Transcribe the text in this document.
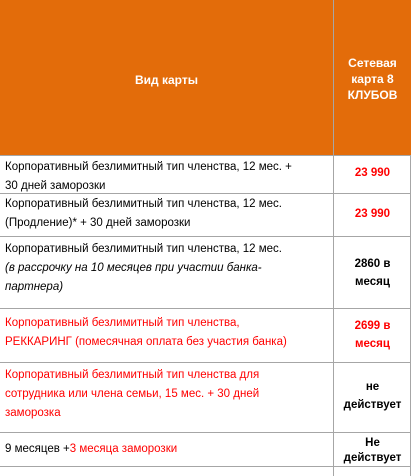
Вид карты
Сетевая карта 8 КЛУБОВ
Корпоративный безлимитный тип членства, 12 мес. +
30 дней заморозки
23 990
Корпоративный безлимитный тип членства, 12 мес.
(Продление)* + 30 дней заморозки
23 990
Корпоративный безлимитный тип членства, 12 мес.
(в рассрочку на 10 месяцев при участии банка-
партнера)
2860 в
месяц
Корпоративный безлимитный тип членства,
РЕККАРИНГ (помесячная оплата без участия банка)
2699 в
месяц
Корпоративный безлимитный тип членства для
сотрудника или члена семьи, 15 мес. + 30 дней
заморозка
не
действует
9 месяцев +3 месяца заморозки	Не
действует
